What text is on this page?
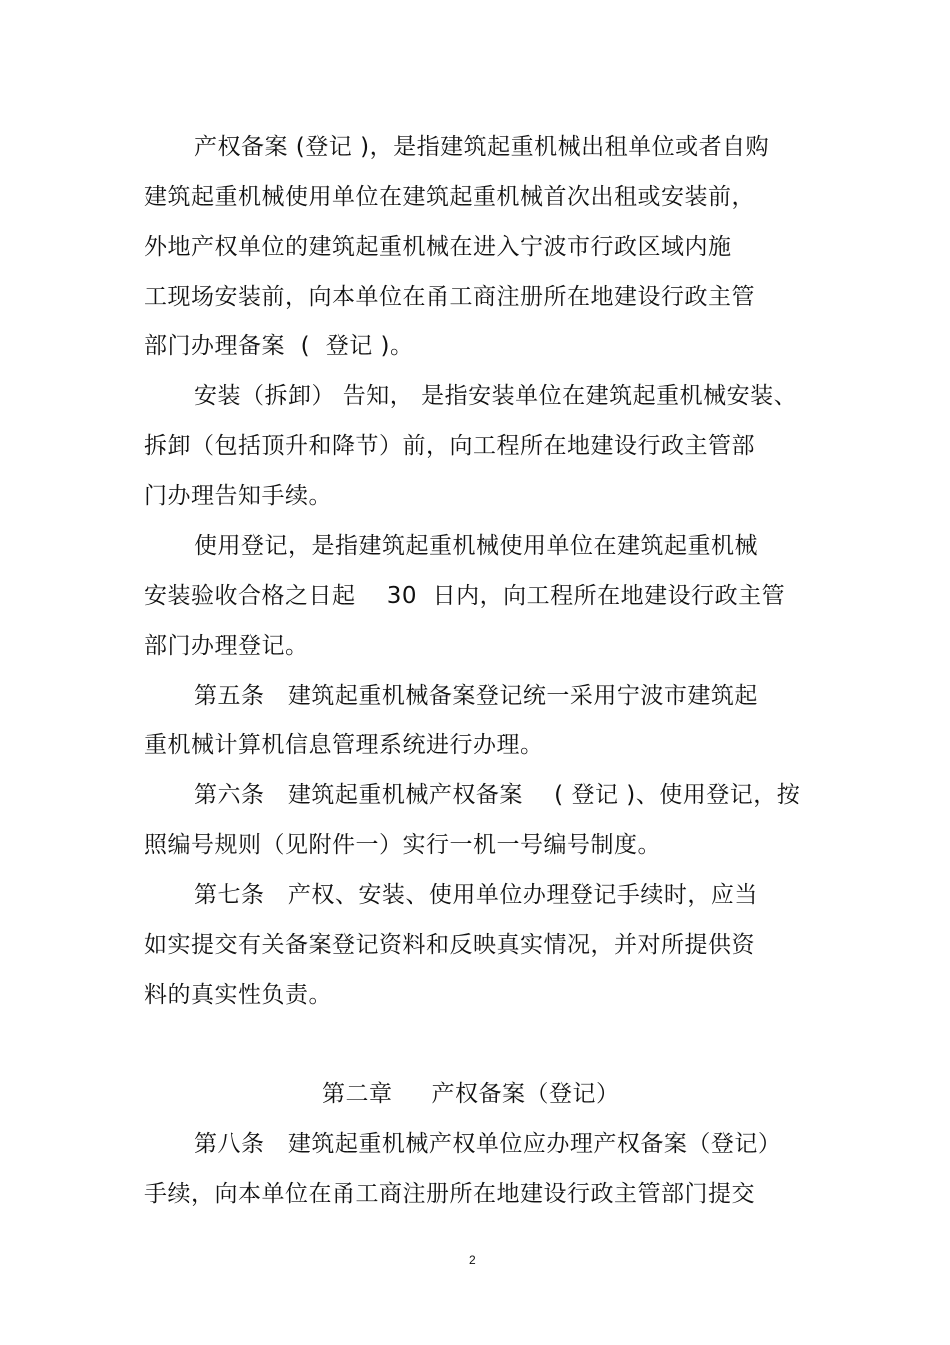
产权备案 (登记 )，是指建筑起重机械出租单位或者自购
建筑起重机械使用单位在建筑起重机械首次出租或安装前，
外地产权单位的建筑起重机械在进入宁波市行政区域内施
工现场安装前，向本单位在甬工商注册所在地建设行政主管
部门办理备案  (  登记 )。
安装（拆卸） 告知， 是指安装单位在建筑起重机械安装、
拆卸（包括顶升和降节）前，向工程所在地建设行政主管部
门办理告知手续。
使用登记，是指建筑起重机械使用单位在建筑起重机械
安装验收合格之日起    30  日内，向工程所在地建设行政主管
部门办理登记。
第五条   建筑起重机械备案登记统一采用宁波市建筑起
重机械计算机信息管理系统进行办理。
第六条   建筑起重机械产权备案    ( 登记 )、使用登记，按
照编号规则（见附件一）实行一机一号编号制度。
第七条   产权、安装、使用单位办理登记手续时，应当
如实提交有关备案登记资料和反映真实情况，并对所提供资
料的真实性负责。
第二章     产权备案（登记）
第八条   建筑起重机械产权单位应办理产权备案（登记）
手续，向本单位在甬工商注册所在地建设行政主管部门提交
2
